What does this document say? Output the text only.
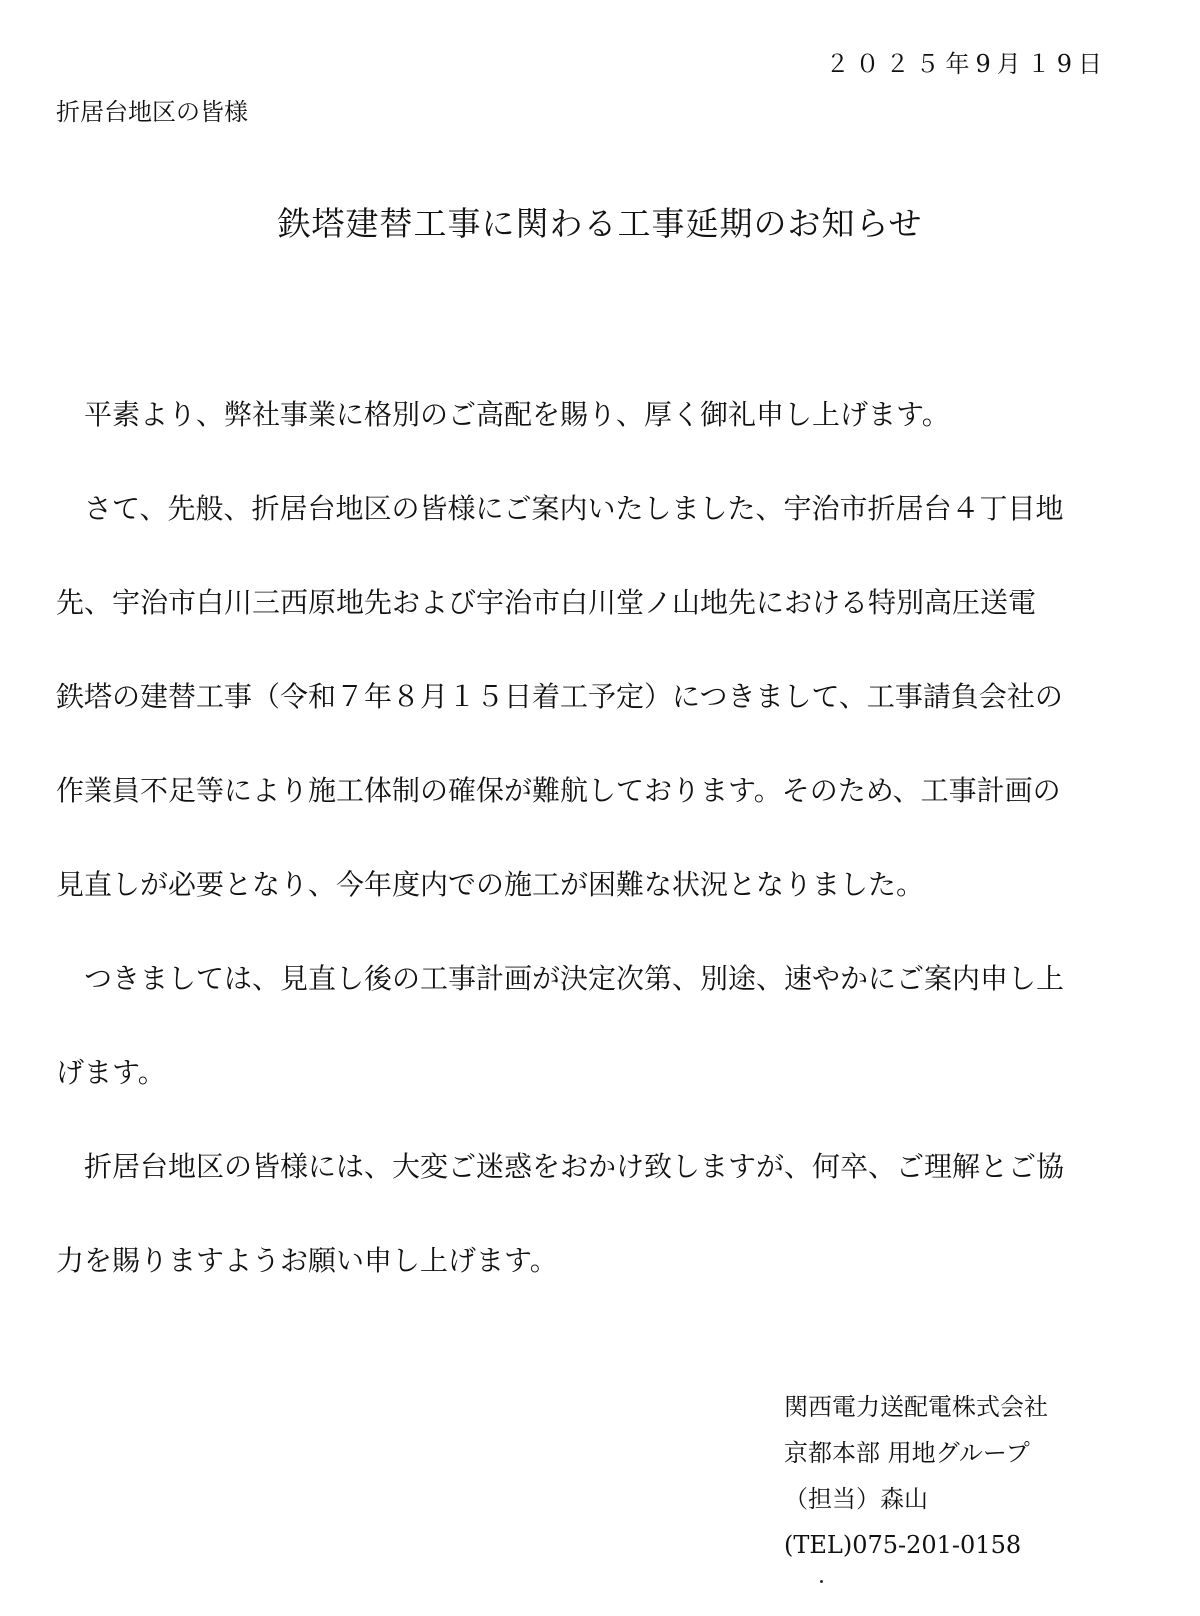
２０２５年9月１9日
折居台地区の皆様
鉄塔建替工事に関わる工事延期のお知らせ
平素より、弊社事業に格別のご高配を賜り、厚く御礼申し上げます。
さて、先般、折居台地区の皆様にご案内いたしました、宇治市折居台４丁目地
先、宇治市白川三西原地先および宇治市白川堂ノ山地先における特別高圧送電
鉄塔の建替工事（令和７年８月１５日着工予定）につきまして、工事請負会社の
作業員不足等により施工体制の確保が難航しております。そのため、工事計画の
見直しが必要となり、今年度内での施工が困難な状況となりました。
つきましては、見直し後の工事計画が決定次第、別途、速やかにご案内申し上
げます。
折居台地区の皆様には、大変ご迷惑をおかけ致しますが、何卒、ご理解とご協
力を賜りますようお願い申し上げます。
関西電力送配電株式会社
京都本部 用地グループ
（担当）森山
(TEL)075-201-0158
